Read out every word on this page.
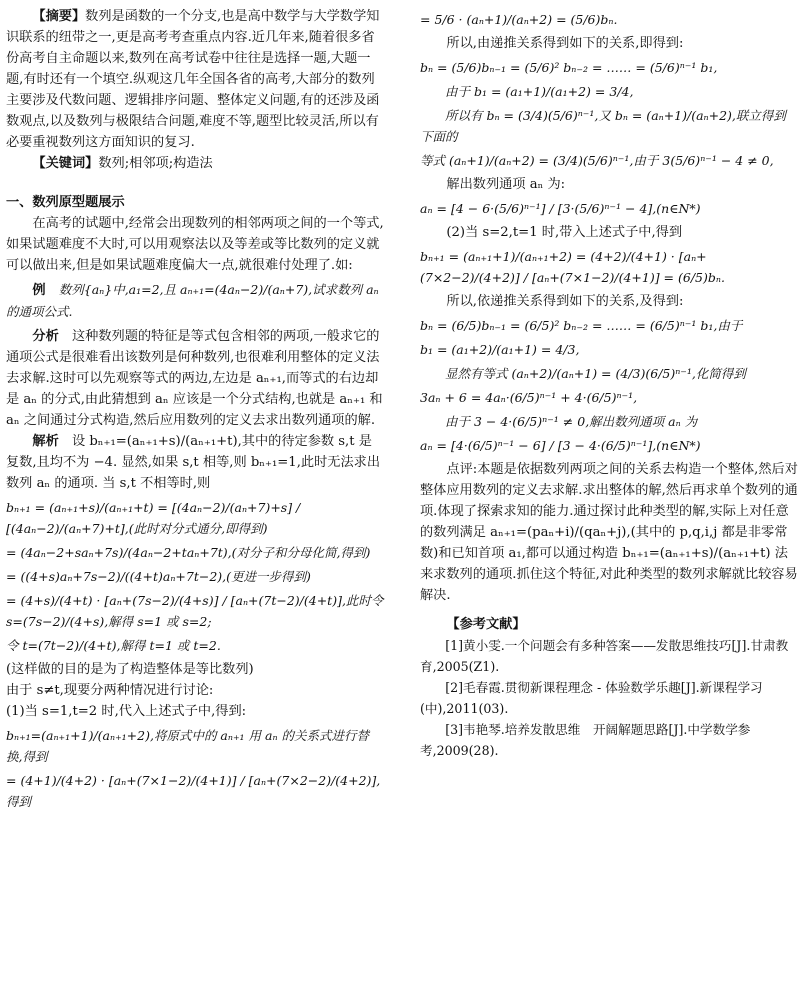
【摘要】数列是函数的一个分支,也是高中数学与大学数学知识联系的纽带之一,更是高考考查重点内容.近几年来,随着很多省份高考自主命题以来,数列在高考试卷中往往是选择一题,大题一题,有时还有一个填空.纵观这几年全国各省的高考,大部分的数列主要涉及代数问题、逻辑排序问题、整体定义问题,有的还涉及函数观点,以及数列与极限结合问题,难度不等,题型比较灵活,所以有必要重视数列这方面知识的复习.

【关键词】数列;相邻项;构造法

一、数列原型题展示

在高考的试题中,经常会出现数列的相邻两项之间的一个等式,如果试题难度不大时,可以用观察法以及等差或等比数列的定义就可以做出来,但是如果试题难度偏大一点,就很难付处理了.如:

例　 数列{aₙ}中,a₁=2,且 aₙ₊₁=(4aₙ−2)/(aₙ+7),试求数列 aₙ 的通项公式.

分析　 这种数列题的特征是等式包含相邻的两项,一般求它的通项公式是很难看出该数列是何种数列,也很难利用整体的定义法去求解.这时可以先观察等式的两边,左边是 aₙ₊₁,而等式的右边却是 aₙ 的分式,由此猜想到 aₙ 应该是一个分式结构,也就是 aₙ₊₁ 和 aₙ 之间通过分式构造,然后应用数列的定义去求出数列通项的解.

解析　 设 bₙ₊₁=(aₙ₊₁+s)/(aₙ₊₁+t),其中的待定参数 s,t 是复数,且均不为 −4. 显然,如果 s,t 相等,则 bₙ₊₁=1,此时无法求出数列 aₙ 的通项. 当 s,t 不相等时,则

bₙ₊₁ = (aₙ₊₁+s)/(aₙ₊₁+t) = [(4aₙ−2)/(aₙ+7)+s] / [(4aₙ−2)/(aₙ+7)+t],(此时对分式通分,即得到)

= (4aₙ−2+saₙ+7s)/(4aₙ−2+taₙ+7t),(对分子和分母化简,得到)

= ((4+s)aₙ+7s−2)/((4+t)aₙ+7t−2),(更进一步得到)

= (4+s)/(4+t) · [aₙ+(7s−2)/(4+s)] / [aₙ+(7t−2)/(4+t)],此时令 s=(7s−2)/(4+s),解得 s=1 或 s=2;

令 t=(7t−2)/(4+t),解得 t=1 或 t=2.

(这样做的目的是为了构造整体是等比数列)

由于 s≠t,现要分两种情况进行讨论:

(1)当 s=1,t=2 时,代入上述式子中,得到:

bₙ₊₁=(aₙ₊₁+1)/(aₙ₊₁+2),将原式中的 aₙ₊₁ 用 aₙ 的关系式进行替换,得到

= (4+1)/(4+2) · [aₙ+(7×1−2)/(4+1)] / [aₙ+(7×2−2)/(4+2)],得到

= 5/6 · (aₙ+1)/(aₙ+2) = (5/6)bₙ.

所以,由递推关系得到如下的关系,即得到:

bₙ = (5/6)bₙ₋₁ = (5/6)² bₙ₋₂ = …… = (5/6)ⁿ⁻¹ b₁,

由于 b₁ = (a₁+1)/(a₁+2) = 3/4,

所以有 bₙ = (3/4)(5/6)ⁿ⁻¹,又 bₙ = (aₙ+1)/(aₙ+2),联立得到下面的

等式 (aₙ+1)/(aₙ+2) = (3/4)(5/6)ⁿ⁻¹,由于 3(5/6)ⁿ⁻¹ − 4 ≠ 0,

解出数列通项 aₙ 为:

aₙ = [4 − 6·(5/6)ⁿ⁻¹] / [3·(5/6)ⁿ⁻¹ − 4],(n∈N*)

(2)当 s=2,t=1 时,带入上述式子中,得到

bₙ₊₁ = (aₙ₊₁+1)/(aₙ₊₁+2) = (4+2)/(4+1) · [aₙ+(7×2−2)/(4+2)] / [aₙ+(7×1−2)/(4+1)] = (6/5)bₙ.

所以,依递推关系得到如下的关系,及得到:

bₙ = (6/5)bₙ₋₁ = (6/5)² bₙ₋₂ = …… = (6/5)ⁿ⁻¹ b₁,由于

b₁ = (a₁+2)/(a₁+1) = 4/3,

显然有等式 (aₙ+2)/(aₙ+1) = (4/3)(6/5)ⁿ⁻¹,化简得到

3aₙ + 6 = 4aₙ·(6/5)ⁿ⁻¹ + 4·(6/5)ⁿ⁻¹,

由于 3 − 4·(6/5)ⁿ⁻¹ ≠ 0,解出数列通项 aₙ 为

aₙ = [4·(6/5)ⁿ⁻¹ − 6] / [3 − 4·(6/5)ⁿ⁻¹],(n∈N*)

点评:本题是依据数列两项之间的关系去构造一个整体,然后对整体应用数列的定义去求解.求出整体的解,然后再求单个数列的通项.体现了探索求知的能力.通过探讨此种类型的解,实际上对任意的数列满足 aₙ₊₁=(paₙ+i)/(qaₙ+j),(其中的 p,q,i,j 都是非零常数)和已知首项 a₁,都可以通过构造 bₙ₊₁=(aₙ₊₁+s)/(aₙ₊₁+t) 法来求数列的通项.抓住这个特征,对此种类型的数列求解就比较容易解决.

【参考文献】

[1]黄小雯.一个问题会有多种答案——发散思维技巧[J].甘肃教育,2005(Z1).

[2]毛春霞.贯彻新课程理念 - 体验数学乐趣[J].新课程学习(中),2011(03).

[3]韦艳琴.培养发散思维　开阔解题思路[J].中学数学参考,2009(28).
